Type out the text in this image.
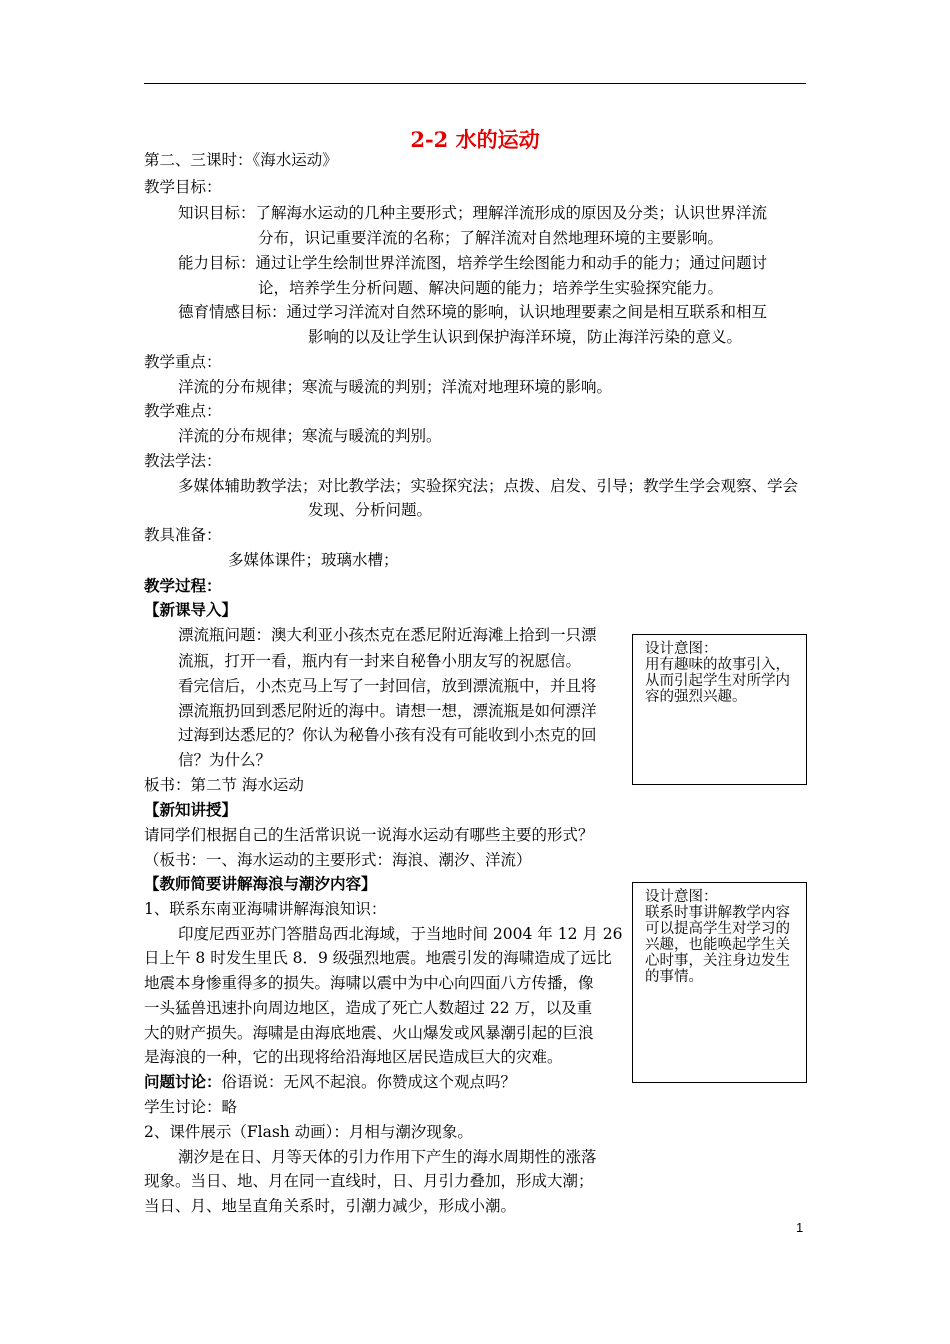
2-2 水的运动
第二、三课时：《海水运动》
教学目标：
知识目标：了解海水运动的几种主要形式；理解洋流形成的原因及分类；认识世界洋流
分布，识记重要洋流的名称；了解洋流对自然地理环境的主要影响。
能力目标：通过让学生绘制世界洋流图，培养学生绘图能力和动手的能力；通过问题讨
论，培养学生分析问题、解决问题的能力；培养学生实验探究能力。
德育情感目标：通过学习洋流对自然环境的影响，认识地理要素之间是相互联系和相互
影响的以及让学生认识到保护海洋环境，防止海洋污染的意义。
教学重点：
洋流的分布规律；寒流与暖流的判别；洋流对地理环境的影响。
教学难点：
洋流的分布规律；寒流与暖流的判别。
教法学法：
多媒体辅助教学法；对比教学法；实验探究法；点拨、启发、引导；教学生学会观察、学会
发现、分析问题。
教具准备：
多媒体课件；玻璃水槽；
教学过程：
【新课导入】
漂流瓶问题：澳大利亚小孩杰克在悉尼附近海滩上拾到一只漂
流瓶，打开一看，瓶内有一封来自秘鲁小朋友写的祝愿信。
看完信后，小杰克马上写了一封回信，放到漂流瓶中，并且将
漂流瓶扔回到悉尼附近的海中。请想一想，漂流瓶是如何漂洋
过海到达悉尼的？你认为秘鲁小孩有没有可能收到小杰克的回
信？为什么？
板书：第二节 海水运动
【新知讲授】
请同学们根据自己的生活常识说一说海水运动有哪些主要的形式？
（板书：一、海水运动的主要形式：海浪、潮汐、洋流）
【教师简要讲解海浪与潮汐内容】
1、联系东南亚海啸讲解海浪知识：
印度尼西亚苏门答腊岛西北海域，于当地时间 2004 年 12 月 26
日上午 8 时发生里氏 8．9 级强烈地震。地震引发的海啸造成了远比
地震本身惨重得多的损失。海啸以震中为中心向四面八方传播，像
一头猛兽迅速扑向周边地区，造成了死亡人数超过 22 万，以及重
大的财产损失。海啸是由海底地震、火山爆发或风暴潮引起的巨浪
是海浪的一种，它的出现将给沿海地区居民造成巨大的灾难。
问题讨论：俗语说：无风不起浪。你赞成这个观点吗？
学生讨论：略
2、课件展示（Flash 动画）：月相与潮汐现象。
潮汐是在日、月等天体的引力作用下产生的海水周期性的涨落
现象。当日、地、月在同一直线时，日、月引力叠加，形成大潮；
当日、月、地呈直角关系时，引潮力减少，形成小潮。
设计意图：
用有趣味的故事引入，从而引起学生对所学内容的强烈兴趣。
设计意图：
联系时事讲解教学内容可以提高学生对学习的兴趣，也能唤起学生关心时事，关注身边发生的事情。
1
